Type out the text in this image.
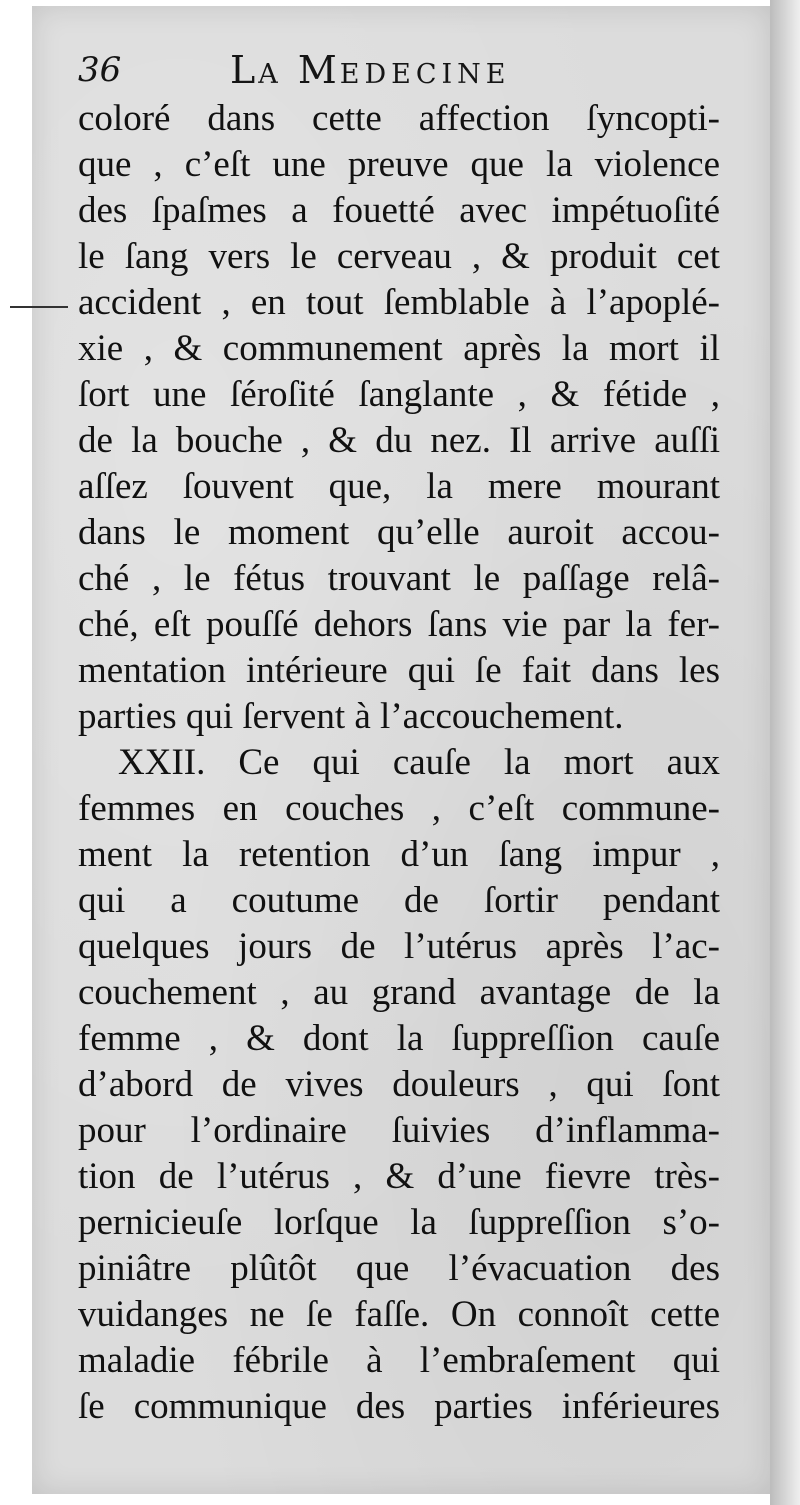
36	LA MEDECINE
coloré dans cette affection ſyncopti-
que , c’eſt une preuve que la violence
des ſpaſmes a fouetté avec impétuoſité
le ſang vers le cerveau , & produit cet
accident , en tout ſemblable à l’apoplé-
xie , & communement après la mort il
ſort une ſéroſité ſanglante , & fétide ,
de la bouche , & du nez. Il arrive auſſi
aſſez ſouvent que, la mere mourant
dans le moment qu’elle auroit accou-
ché , le fétus trouvant le paſſage relâ-
ché, eſt pouſſé dehors ſans vie par la fer-
mentation intérieure qui ſe fait dans les
parties qui ſervent à l’accouchement.
XXII. Ce qui cauſe la mort aux
femmes en couches , c’eſt commune-
ment la retention d’un ſang impur ,
qui a coutume de ſortir pendant
quelques jours de l’utérus après l’ac-
couchement , au grand avantage de la
femme , & dont la ſuppreſſion cauſe
d’abord de vives douleurs , qui ſont
pour l’ordinaire ſuivies d’inflamma-
tion de l’utérus , & d’une fievre très-
pernicieuſe lorſque la ſuppreſſion s’o-
piniâtre plûtôt que l’évacuation des
vuidanges ne ſe faſſe. On connoît cette
maladie fébrile à l’embraſement qui
ſe communique des parties inférieures
